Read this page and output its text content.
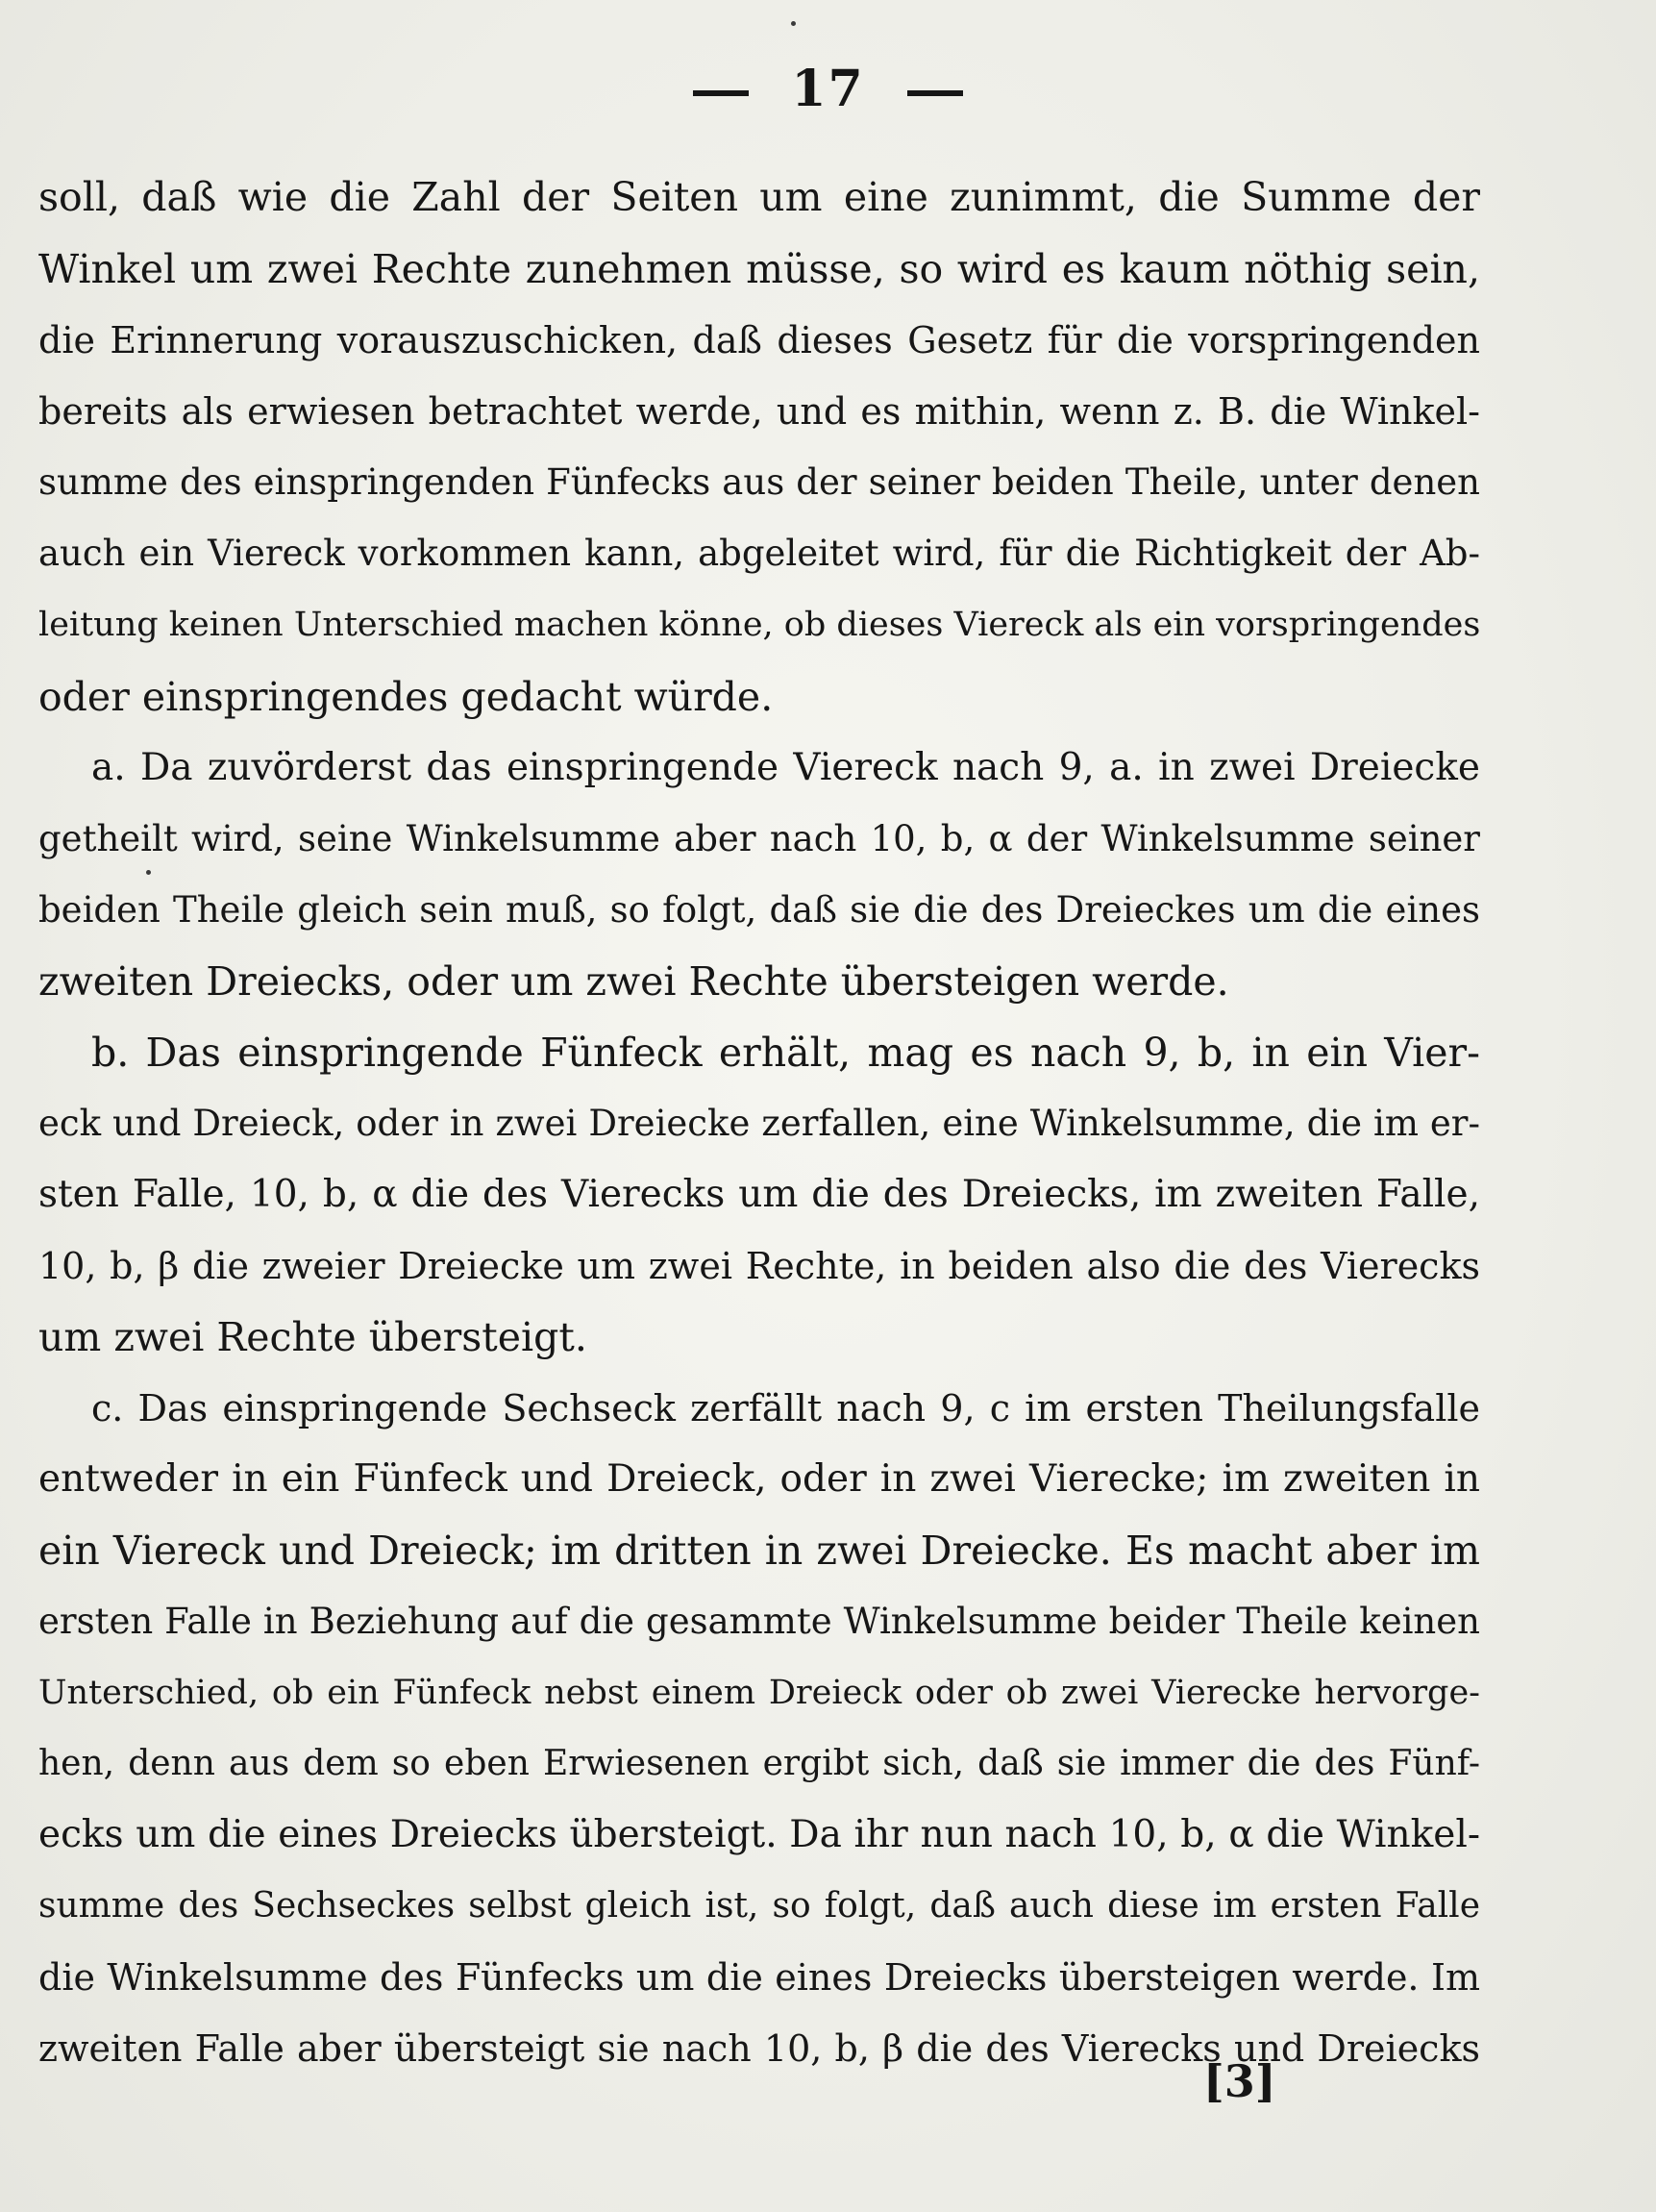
17
soll, daß wie die Zahl der Seiten um eine zunimmt, die Summe der
Winkel um zwei Rechte zunehmen müsse, so wird es kaum nöthig sein,
die Erinnerung vorauszuschicken, daß dieses Gesetz für die vorspringenden
bereits als erwiesen betrachtet werde, und es mithin, wenn z. B. die Winkel-
summe des einspringenden Fünfecks aus der seiner beiden Theile, unter denen
auch ein Viereck vorkommen kann, abgeleitet wird, für die Richtigkeit der Ab-
leitung keinen Unterschied machen könne, ob dieses Viereck als ein vorspringendes
oder einspringendes gedacht würde.
a. Da zuvörderst das einspringende Viereck nach 9, a. in zwei Dreiecke
getheilt wird, seine Winkelsumme aber nach 10, b, α der Winkelsumme seiner
beiden Theile gleich sein muß, so folgt, daß sie die des Dreieckes um die eines
zweiten Dreiecks, oder um zwei Rechte übersteigen werde.
b. Das einspringende Fünfeck erhält, mag es nach 9, b, in ein Vier-
eck und Dreieck, oder in zwei Dreiecke zerfallen, eine Winkelsumme, die im er-
sten Falle, 10, b, α die des Vierecks um die des Dreiecks, im zweiten Falle,
10, b, β die zweier Dreiecke um zwei Rechte, in beiden also die des Vierecks
um zwei Rechte übersteigt.
c. Das einspringende Sechseck zerfällt nach 9, c im ersten Theilungsfalle
entweder in ein Fünfeck und Dreieck, oder in zwei Vierecke; im zweiten in
ein Viereck und Dreieck; im dritten in zwei Dreiecke. Es macht aber im
ersten Falle in Beziehung auf die gesammte Winkelsumme beider Theile keinen
Unterschied, ob ein Fünfeck nebst einem Dreieck oder ob zwei Vierecke hervorge-
hen, denn aus dem so eben Erwiesenen ergibt sich, daß sie immer die des Fünf-
ecks um die eines Dreiecks übersteigt. Da ihr nun nach 10, b, α die Winkel-
summe des Sechseckes selbst gleich ist, so folgt, daß auch diese im ersten Falle
die Winkelsumme des Fünfecks um die eines Dreiecks übersteigen werde. Im
zweiten Falle aber übersteigt sie nach 10, b, β die des Vierecks und Dreiecks
[3]
